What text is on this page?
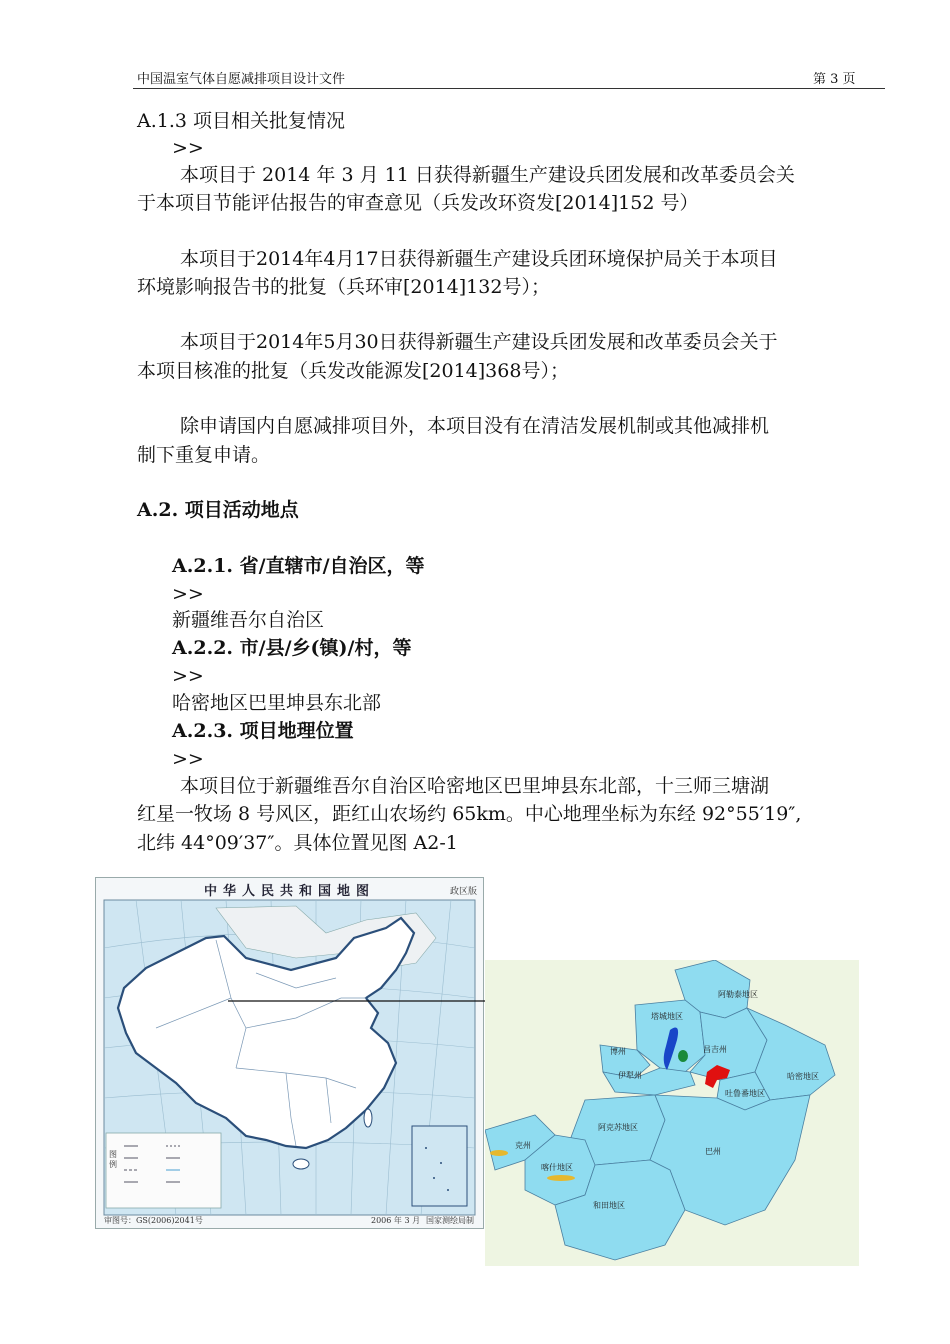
中国温室气体自愿减排项目设计文件	第 3 页
A.1.3 项目相关批复情况
>>
本项目于 2014 年 3 月 11 日获得新疆生产建设兵团发展和改革委员会关
于本项目节能评估报告的审查意见（兵发改环资发[2014]152 号）
本项目于2014年4月17日获得新疆生产建设兵团环境保护局关于本项目
环境影响报告书的批复（兵环审[2014]132号）；
本项目于2014年5月30日获得新疆生产建设兵团发展和改革委员会关于
本项目核准的批复（兵发改能源发[2014]368号）；
除申请国内自愿减排项目外，本项目没有在清洁发展机制或其他减排机
制下重复申请。
A.2. 项目活动地点
A.2.1. 省/直辖市/自治区，等
>>
新疆维吾尔自治区
A.2.2. 市/县/乡(镇)/村，等
>>
哈密地区巴里坤县东北部
A.2.3. 项目地理位置
>>
本项目位于新疆维吾尔自治区哈密地区巴里坤县东北部，十三师三塘湖
红星一牧场 8 号风区，距红山农场约 65km。中心地理坐标为东经 92°55′19″,
北纬 44°09′37″。具体位置见图 A2-1
中华人民共和国地图	政区版
图例
审图号：GS(2006)2041号	2006 年 3 月 国家测绘局制
阿勒泰地区
塔城地区
博州	昌吉州
伊犁州	哈密地区
吐鲁番地区
阿克苏地区
克州
喀什地区
巴州
和田地区
